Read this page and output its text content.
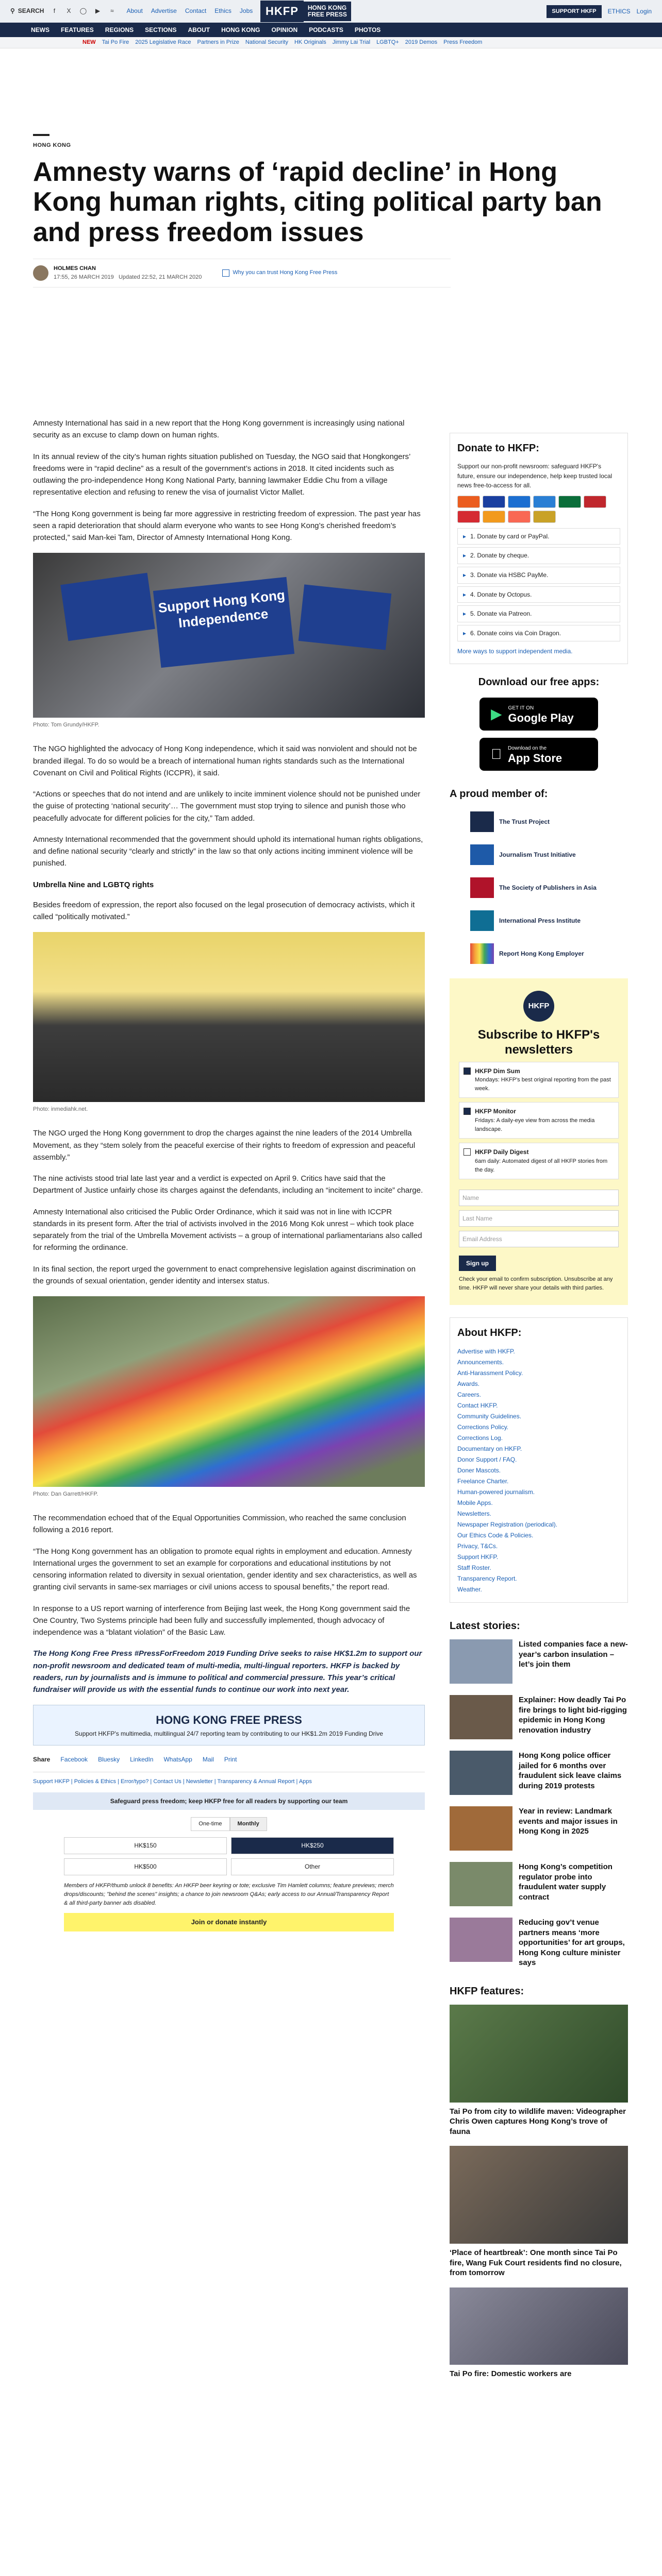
⚲ SEARCH	f	X	◯ ▶	≈	About Advertise Contact Ethics Jobs	HKFP	HONG KONG
FREE PRESS	SUPPORT HKFP	ETHICS Login
NEWS FEATURES REGIONS SECTIONS ABOUT HONG KONG OPINION PODCASTS PHOTOS
NEW Tai Po Fire 2025 Legislative Race Partners in Prize National Security HK Originals Jimmy Lai Trial LGBTQ+ 2019 Demos Press Freedom
HONG KONG
Amnesty warns of ‘rapid decline’ in Hong Kong human rights, citing political party ban and press freedom issues
HOLMES CHAN
17:55, 26 MARCH 2019 Updated 22:52, 21 MARCH 2020
Why you can trust Hong Kong Free Press

Amnesty International has said in a new report that the Hong Kong government is increasingly using national security as an excuse to clamp down on human rights.

In its annual review of the city’s human rights situation published on Tuesday, the NGO said that Hongkongers’ freedoms were in “rapid decline” as a result of the government’s actions in 2018. It cited incidents such as outlawing the pro-independence Hong Kong National Party, banning lawmaker Eddie Chu from a village representative election and refusing to renew the visa of journalist Victor Mallet.

“The Hong Kong government is being far more aggressive in restricting freedom of expression. The past year has seen a rapid deterioration that should alarm everyone who wants to see Hong Kong’s cherished freedom’s protected,” said Man-kei Tam, Director of Amnesty International Hong Kong.

Support Hong Kong Independence
Photo: Tom Grundy/HKFP.

The NGO highlighted the advocacy of Hong Kong independence, which it said was nonviolent and should not be branded illegal. To do so would be a breach of international human rights standards such as the International Covenant on Civil and Political Rights (ICCPR), it said.

“Actions or speeches that do not intend and are unlikely to incite imminent violence should not be punished under the guise of protecting ‘national security’… The government must stop trying to silence and punish those who peacefully advocate for different policies for the city,” Tam added.

Amnesty International recommended that the government should uphold its international human rights obligations, and define national security “clearly and strictly” in the law so that only actions inciting imminent violence will be punished.

Umbrella Nine and LGBTQ rights

Besides freedom of expression, the report also focused on the legal prosecution of democracy activists, which it called “politically motivated.”

Photo: inmediahk.net.

The NGO urged the Hong Kong government to drop the charges against the nine leaders of the 2014 Umbrella Movement, as they “stem solely from the peaceful exercise of their rights to freedom of expression and peaceful assembly.”

The nine activists stood trial late last year and a verdict is expected on April 9. Critics have said that the Department of Justice unfairly chose its charges against the defendants, including an “incitement to incite” charge.

Amnesty International also criticised the Public Order Ordinance, which it said was not in line with ICCPR standards in its present form. After the trial of activists involved in the 2016 Mong Kok unrest – which took place separately from the trial of the Umbrella Movement activists – a group of international parliamentarians also called for reforming the ordinance.

In its final section, the report urged the government to enact comprehensive legislation against discrimination on the grounds of sexual orientation, gender identity and intersex status.

Photo: Dan Garrett/HKFP.

The recommendation echoed that of the Equal Opportunities Commission, who reached the same conclusion following a 2016 report.

“The Hong Kong government has an obligation to promote equal rights in employment and education. Amnesty International urges the government to set an example for corporations and educational institutions by not censoring information related to diversity in sexual orientation, gender identity and sex characteristics, as well as granting civil servants in same-sex marriages or civil unions access to spousal benefits,” the report read.

In response to a US report warning of interference from Beijing last week, the Hong Kong government said the One Country, Two Systems principle had been fully and successfully implemented, though advocacy of independence was a “blatant violation” of the Basic Law.

The Hong Kong Free Press #PressForFreedom 2019 Funding Drive seeks to raise HK$1.2m to support our non-profit newsroom and dedicated team of multi-media, multi-lingual reporters. HKFP is backed by readers, run by journalists and is immune to political and commercial pressure. This year’s critical fundraiser will provide us with the essential funds to continue our work into next year.

HONG KONG FREE PRESS
Support HKFP's multimedia, multilingual 24/7 reporting team by contributing to our HK$1.2m 2019 Funding Drive
Share Facebook Bluesky LinkedIn WhatsApp Mail Print
Support HKFP | Policies & Ethics | Error/typo? | Contact Us | Newsletter | Transparency & Annual Report | Apps
Safeguard press freedom; keep HKFP free for all readers by supporting our team
One-time	Monthly
HK$150	HK$250
HK$500	Other

Members of HKFP/thumb unlock 8 benefits: An HKFP beer keyring or tote; exclusive Tim Hamlett columns; feature previews; merch drops/discounts; "behind the scenes" insights; a chance to join newsroom Q&As; early access to our Annual/Transparency Report & all third-party banner ads disabled.

Join or donate instantly
Donate to HKFP:

Support our non-profit newsroom: safeguard HKFP's future, ensure our independence, help keep trusted local news free-to-access for all.

▸ 1. Donate by card or PayPal.
▸ 2. Donate by cheque.
▸ 3. Donate via HSBC PayMe.
▸ 4. Donate by Octopus.
▸ 5. Donate via Patreon.
▸ 6. Donate coins via Coin Dragon.
More ways to support independent media.
Download our free apps:
▶ GET IT ON
Google Play
Download on the
App Store
A proud member of:
The Trust Project
Journalism Trust Initiative
The Society of Publishers in Asia
International Press Institute
Report Hong Kong Employer
HKFP
Subscribe to HKFP's newsletters
HKFP Dim Sum
Mondays: HKFP's best original reporting from the past week.
HKFP Monitor
Fridays: A daily-eye view from across the media landscape.
HKFP Daily Digest
6am daily: Automated digest of all HKFP stories from the day.
Name
Last Name
Email Address
Sign up

Check your email to confirm subscription. Unsubscribe at any time. HKFP will never share your details with third parties.

About HKFP:
Advertise with HKFP.
Announcements.
Anti-Harassment Policy.
Awards.
Careers.
Contact HKFP.
Community Guidelines.
Corrections Policy.
Corrections Log.
Documentary on HKFP.
Donor Support / FAQ.
Doner Mascots.
Freelance Charter.
Human-powered journalism.
Mobile Apps.
Newsletters.
Newspaper Registration (periodical).
Our Ethics Code & Policies.
Privacy, T&Cs.
Support HKFP.
Staff Roster.
Transparency Report.
Weather.
Latest stories:
Listed companies face a new-year’s carbon insulation – let’s join them
Explainer: How deadly Tai Po fire brings to light bid-rigging epidemic in Hong Kong renovation industry
Hong Kong police officer jailed for 6 months over fraudulent sick leave claims during 2019 protests
Year in review: Landmark events and major issues in Hong Kong in 2025
Hong Kong’s competition regulator probe into fraudulent water supply contract
Reducing gov’t venue partners means ‘more opportunities’ for art groups, Hong Kong culture minister says
HKFP features:
Tai Po from city to wildlife maven: Videographer Chris Owen captures Hong Kong’s trove of fauna
‘Place of heartbreak’: One month since Tai Po fire, Wang Fuk Court residents find no closure, from tomorrow
Tai Po fire: Domestic workers are
